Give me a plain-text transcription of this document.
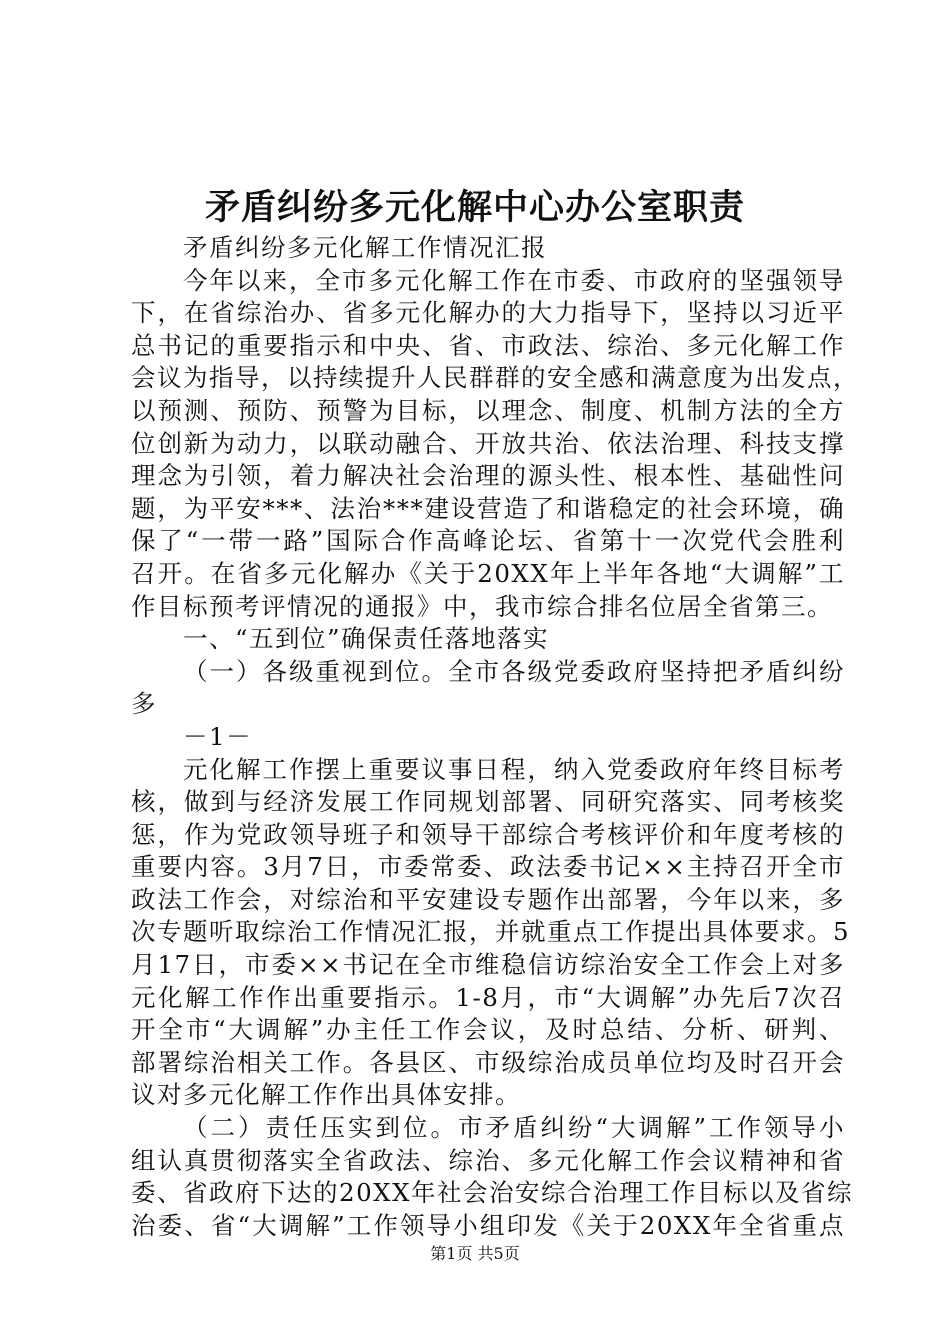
矛盾纠纷多元化解中心办公室职责
矛盾纠纷多元化解工作情况汇报
今年以来，全市多元化解工作在市委、市政府的坚强领导
下，在省综治办、省多元化解办的大力指导下，坚持以习近平
总书记的重要指示和中央、省、市政法、综治、多元化解工作
会议为指导，以持续提升人民群群的安全感和满意度为出发点，
以预测、预防、预警为目标，以理念、制度、机制方法的全方
位创新为动力，以联动融合、开放共治、依法治理、科技支撑
理念为引领，着力解决社会治理的源头性、根本性、基础性问
题，为平安***、法治***建设营造了和谐稳定的社会环境，确
保了“一带一路”国际合作高峰论坛、省第十一次党代会胜利
召开。在省多元化解办《关于20XX年上半年各地“大调解”工
作目标预考评情况的通报》中，我市综合排名位居全省第三。
一、“五到位”确保责任落地落实
（一）各级重视到位。全市各级党委政府坚持把矛盾纠纷
多
－1－
元化解工作摆上重要议事日程，纳入党委政府年终目标考
核，做到与经济发展工作同规划部署、同研究落实、同考核奖
惩，作为党政领导班子和领导干部综合考核评价和年度考核的
重要内容。3月7日，市委常委、政法委书记××主持召开全市
政法工作会，对综治和平安建设专题作出部署，今年以来，多
次专题听取综治工作情况汇报，并就重点工作提出具体要求。5
月17日，市委××书记在全市维稳信访综治安全工作会上对多
元化解工作作出重要指示。1-8月，市“大调解”办先后7次召
开全市“大调解”办主任工作会议，及时总结、分析、研判、
部署综治相关工作。各县区、市级综治成员单位均及时召开会
议对多元化解工作作出具体安排。
（二）责任压实到位。市矛盾纠纷“大调解”工作领导小
组认真贯彻落实全省政法、综治、多元化解工作会议精神和省
委、省政府下达的20XX年社会治安综合治理工作目标以及省综
治委、省“大调解”工作领导小组印发《关于20XX年全省重点
第1页 共5页
